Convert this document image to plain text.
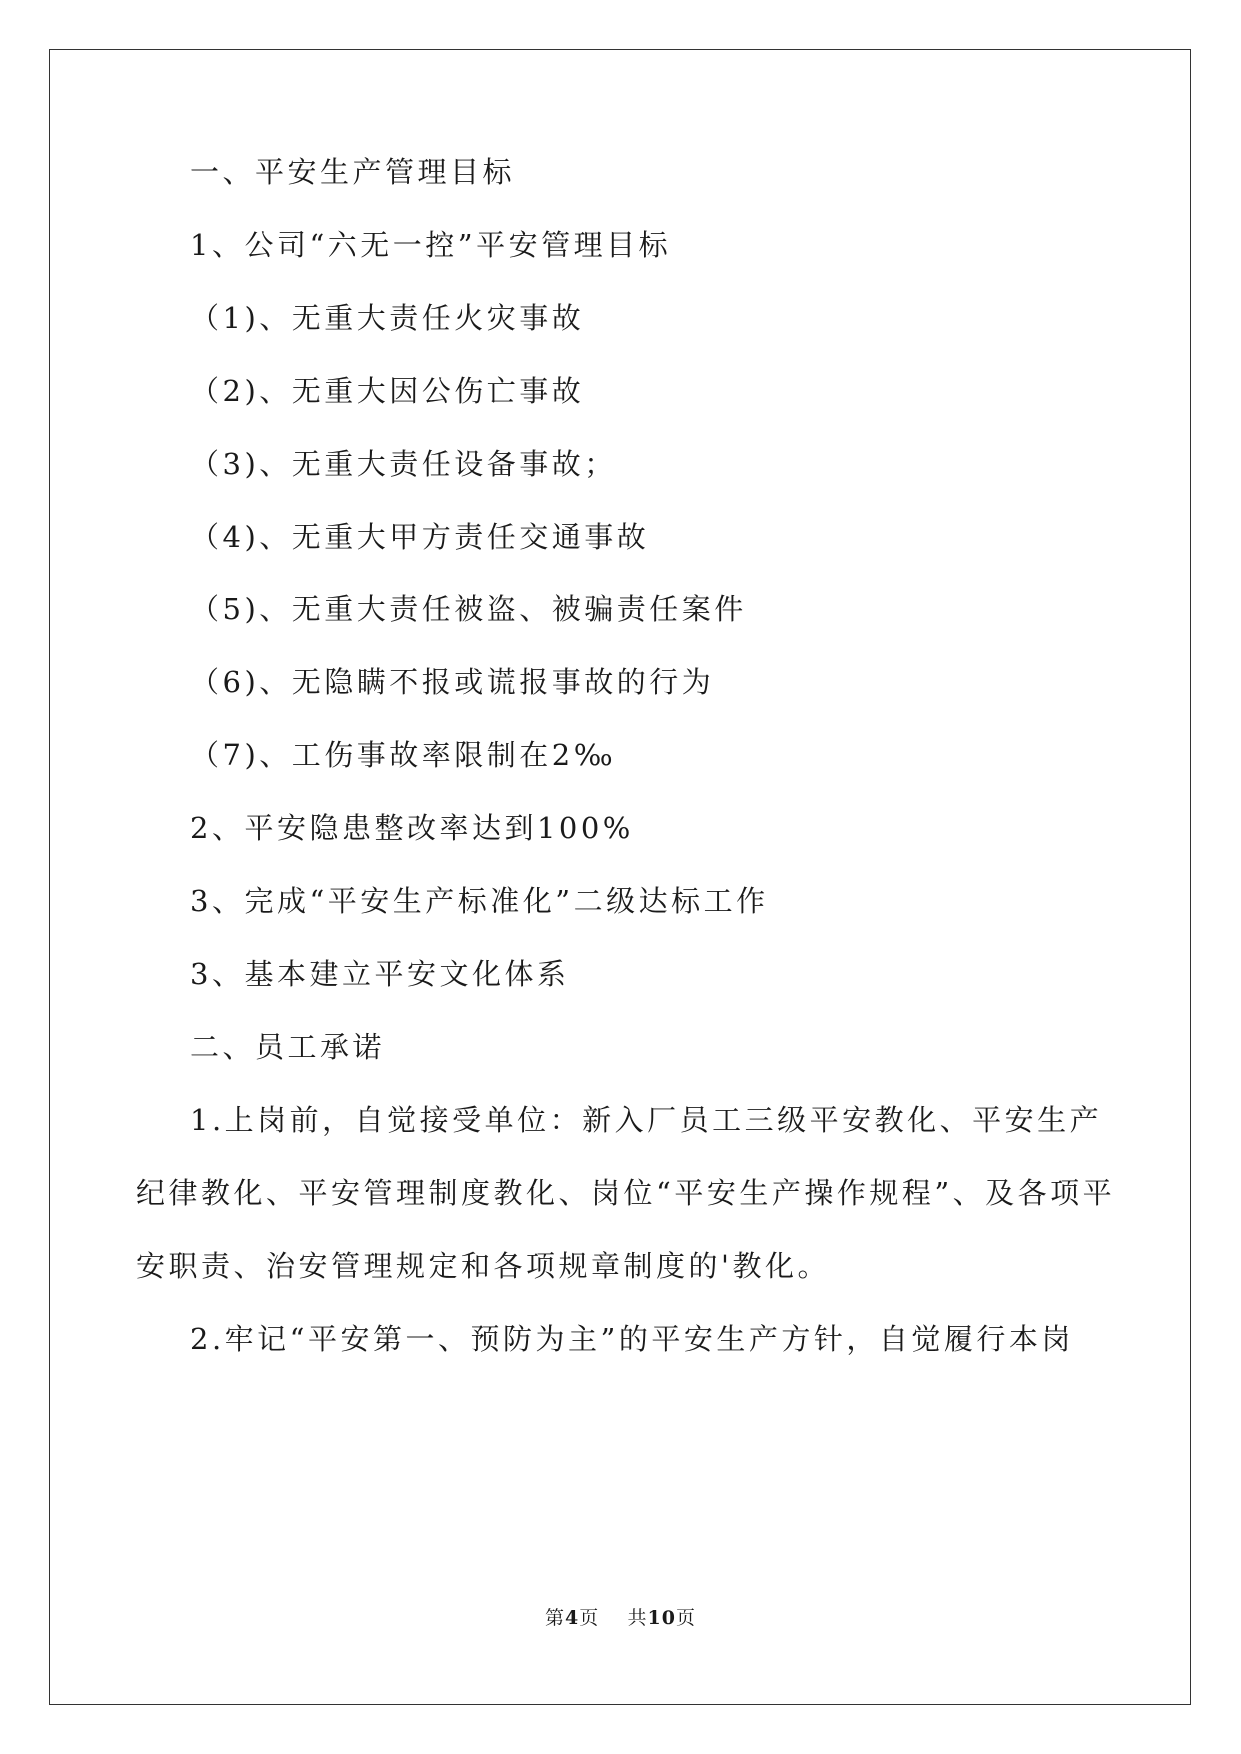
一、平安生产管理目标
1、公司“六无一控”平安管理目标
（1)、无重大责任火灾事故
（2)、无重大因公伤亡事故
（3)、无重大责任设备事故；
（4)、无重大甲方责任交通事故
（5)、无重大责任被盗、被骗责任案件
（6)、无隐瞒不报或谎报事故的行为
（7)、工伤事故率限制在2‰
2、平安隐患整改率达到100%
3、完成“平安生产标准化”二级达标工作
3、基本建立平安文化体系
二、员工承诺
1.上岗前，自觉接受单位：新入厂员工三级平安教化、平安生产
纪律教化、平安管理制度教化、岗位“平安生产操作规程”、及各项平
安职责、治安管理规定和各项规章制度的'教化。
2.牢记“平安第一、预防为主”的平安生产方针，自觉履行本岗
第4页 共10页
